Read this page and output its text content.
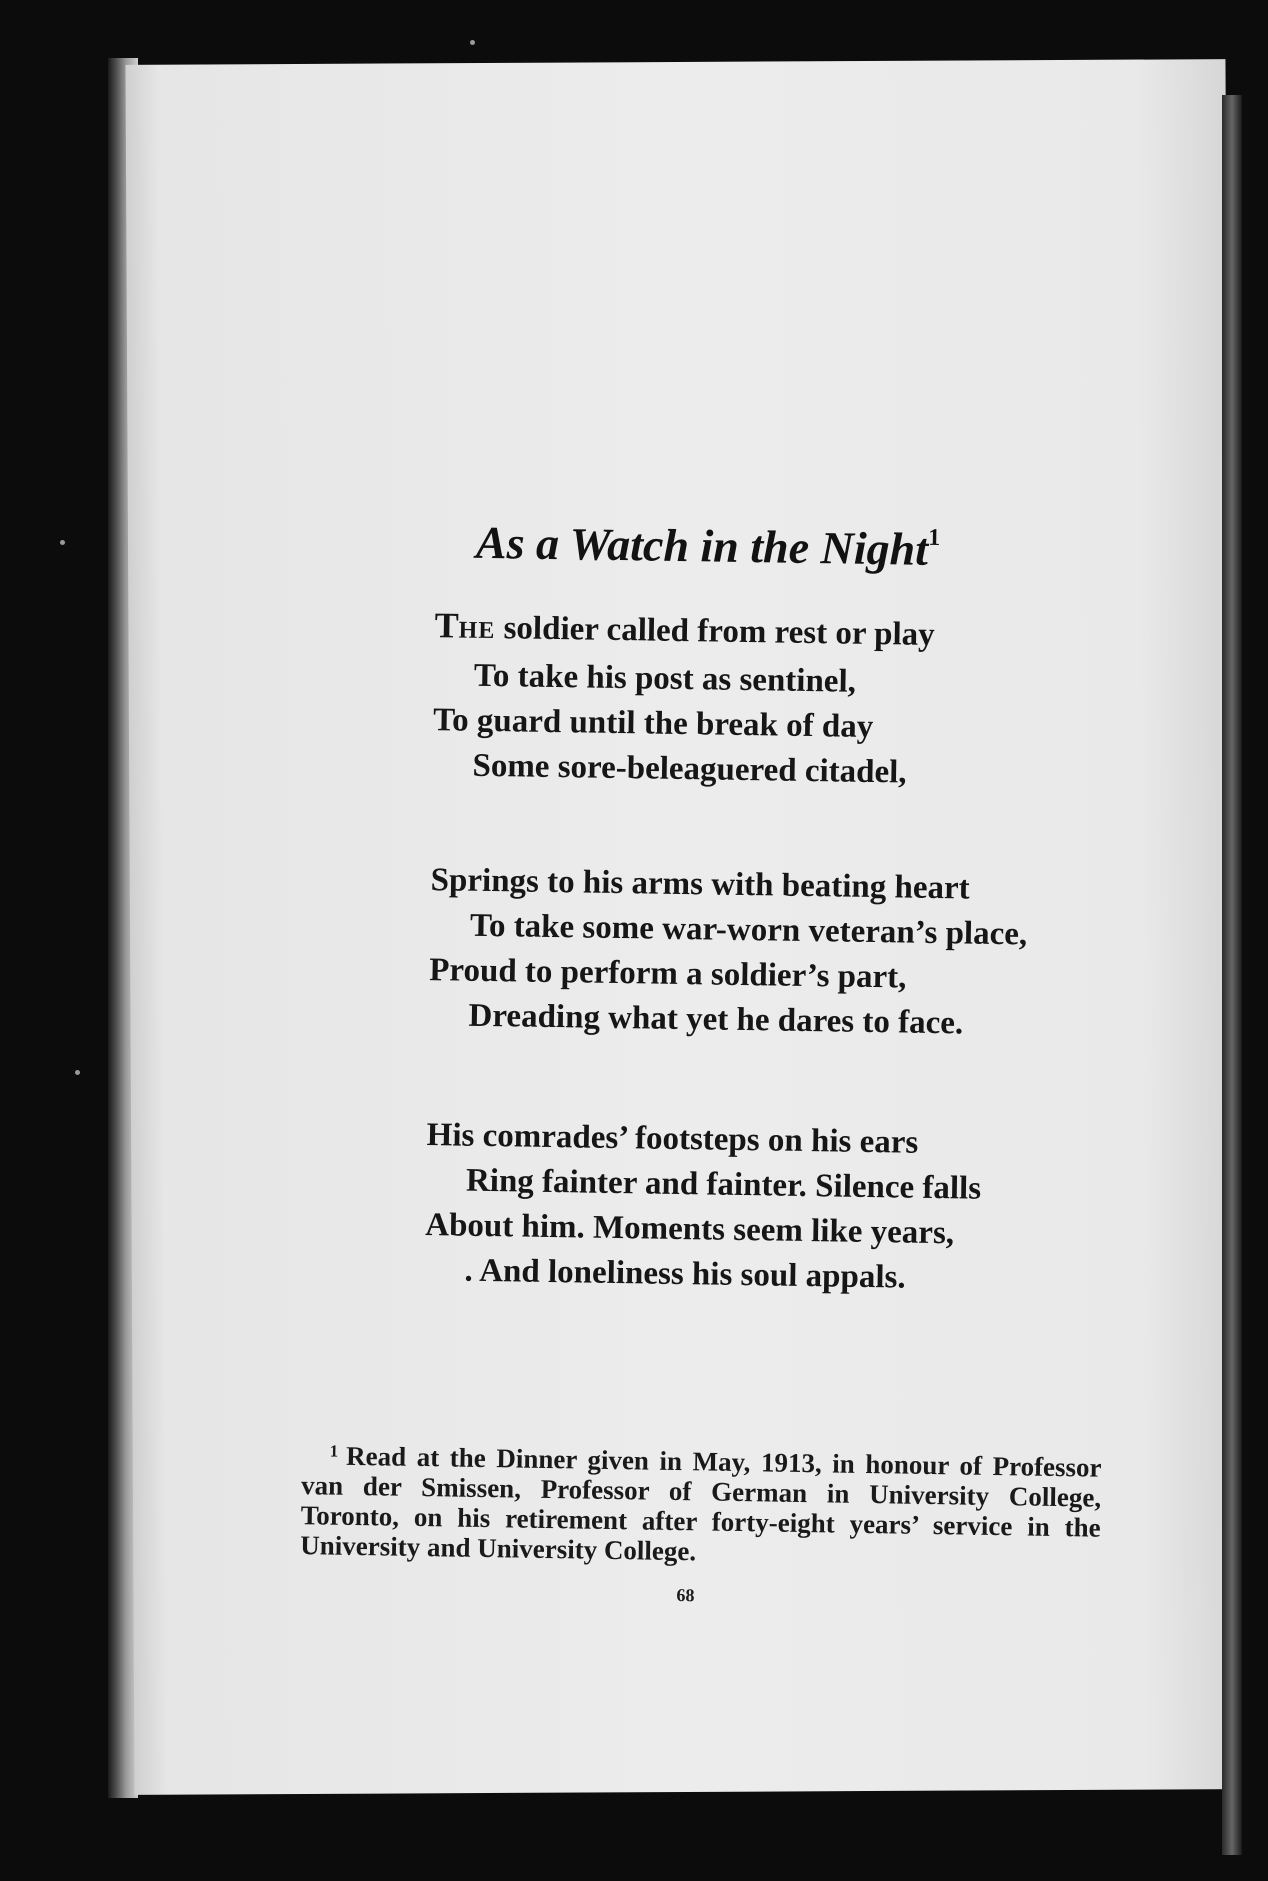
As a Watch in the Night$^1$
THE soldier called from rest or play
To take his post as sentinel,
To guard until the break of day
Some sore-beleaguered citadel,
Springs to his arms with beating heart
To take some war-worn veteran’s place,
Proud to perform a soldier’s part,
Dreading what yet he dares to face.
His comrades’ footsteps on his ears
Ring fainter and fainter. Silence falls
About him. Moments seem like years,
. And loneliness his soul appals.
$^1$ Read at the Dinner given in May, 1913, in honour of Professor van der Smissen, Professor of German in University College, Toronto, on his retirement after forty-eight years’ service in the University and University College.
68
